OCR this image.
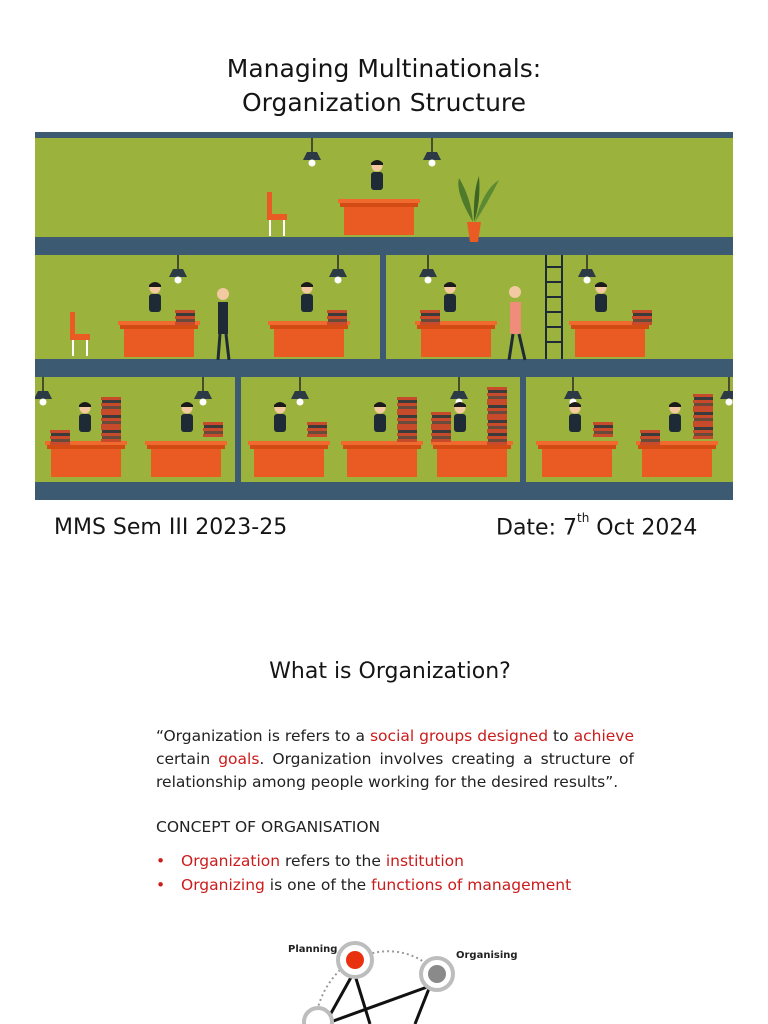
Managing Multinationals:
Organization Structure
MMS Sem III 2023-25	Date: 7th Oct 2024
What is Organization?
“Organization is refers to a social groups designed to achieve certain goals. Organization involves creating a structure of relationship among people working for the desired results”.
CONCEPT OF ORGANISATION
• Organization refers to the institution
• Organizing is one of the functions of management
Planning
Organising
